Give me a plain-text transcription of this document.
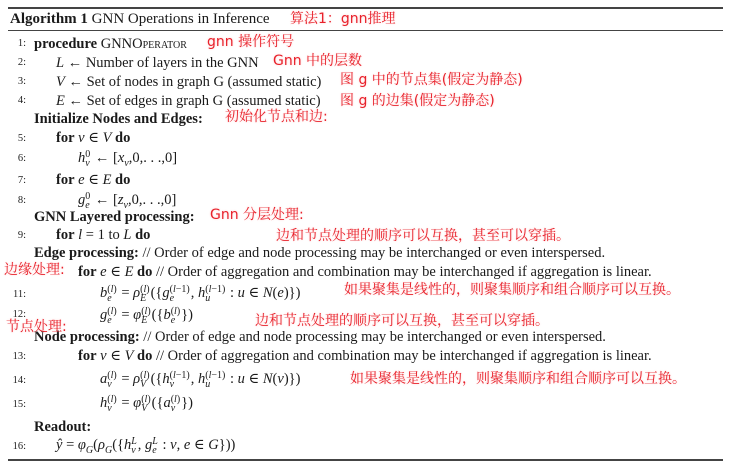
Algorithm 1 GNN Operations in Inference
1: procedure GNNOperator
2: L ← Number of layers in the GNN
3: V ← Set of nodes in graph G (assumed static)
4: E ← Set of edges in graph G (assumed static)
Initialize Nodes and Edges:
5: for v ∈ V do
6:	h 0
v ← [$x_v,0$,. . .,0]
7: for e ∈ E do
8:	g 0
e ← [$z_v,0$,. . .,0]
GNN Layered processing:
9: for l = 1 to L do
Edge processing: // Order of edge and node processing may be interchanged or even interspersed.
for e ∈ E do // Order of aggregation and combination may be interchanged if aggregation is linear.
11:	b (l)
e = ρ (l)
E ({g (l−1)
e	, h (l−1)
u	: u ∈ N(e)})
12:	g (l)
e = φ (l)
E ({b (l)
e })
Node processing: // Order of edge and node processing may be interchanged or even interspersed.
13:	for v ∈ V do // Order of aggregation and combination may be interchanged if aggregation is linear.
14:	a (l)
v = ρ (l)
V ({h (l−1)
v	, h (l−1)
u	: u ∈ N(v)})
15:	h (l)
v = φ (l)
V ({a (l)
v })
Readout:
16: ŷ = $\varphi_G(\rho_G(\{h$ L
v , g L
e : v, e ∈ G}))
算法1：gnn推理
gnn 操作符号
Gnn 中的层数
图 g 中的节点集(假定为静态)
图 g 的边集(假定为静态)
初始化节点和边:
Gnn 分层处理:
边和节点处理的顺序可以互换，甚至可以穿插。
边缘处理:
如果聚集是线性的，则聚集顺序和组合顺序可以互换。
节点处理:	边和节点处理的顺序可以互换，甚至可以穿插。
如果聚集是线性的，则聚集顺序和组合顺序可以互换。
